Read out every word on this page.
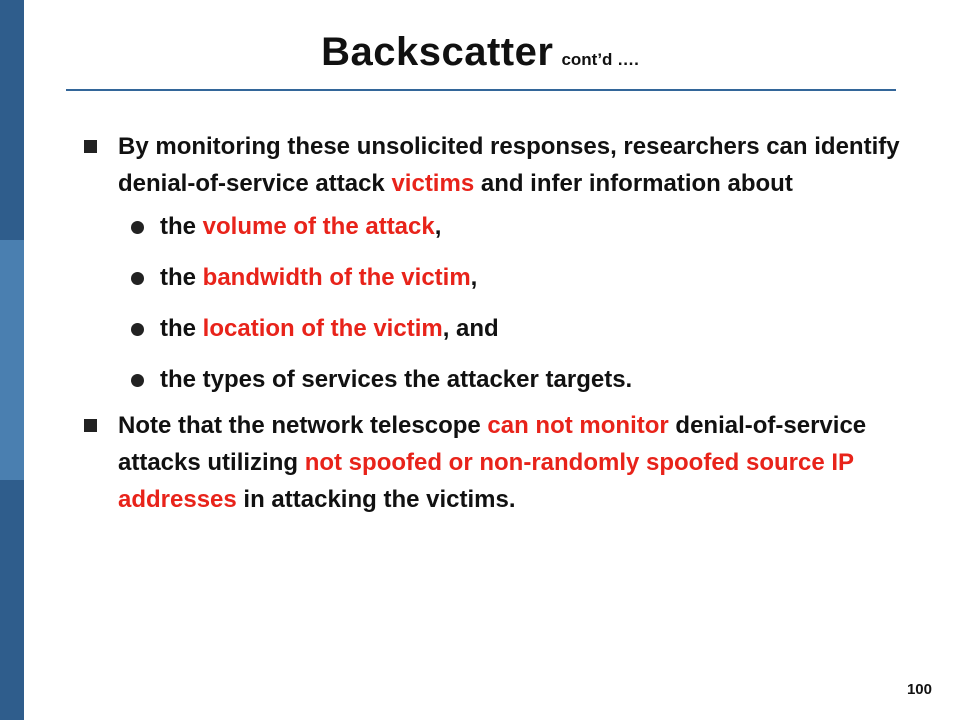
Backscatter cont’d ….
By monitoring these unsolicited responses, researchers can identify denial-of-service attack victims and infer information about
the volume of the attack,
the bandwidth of the victim,
the location of the victim, and
the types of services the attacker targets.
Note that the network telescope can not monitor denial-of-service attacks utilizing not spoofed or non-randomly spoofed source IP addresses in attacking the victims.
100
